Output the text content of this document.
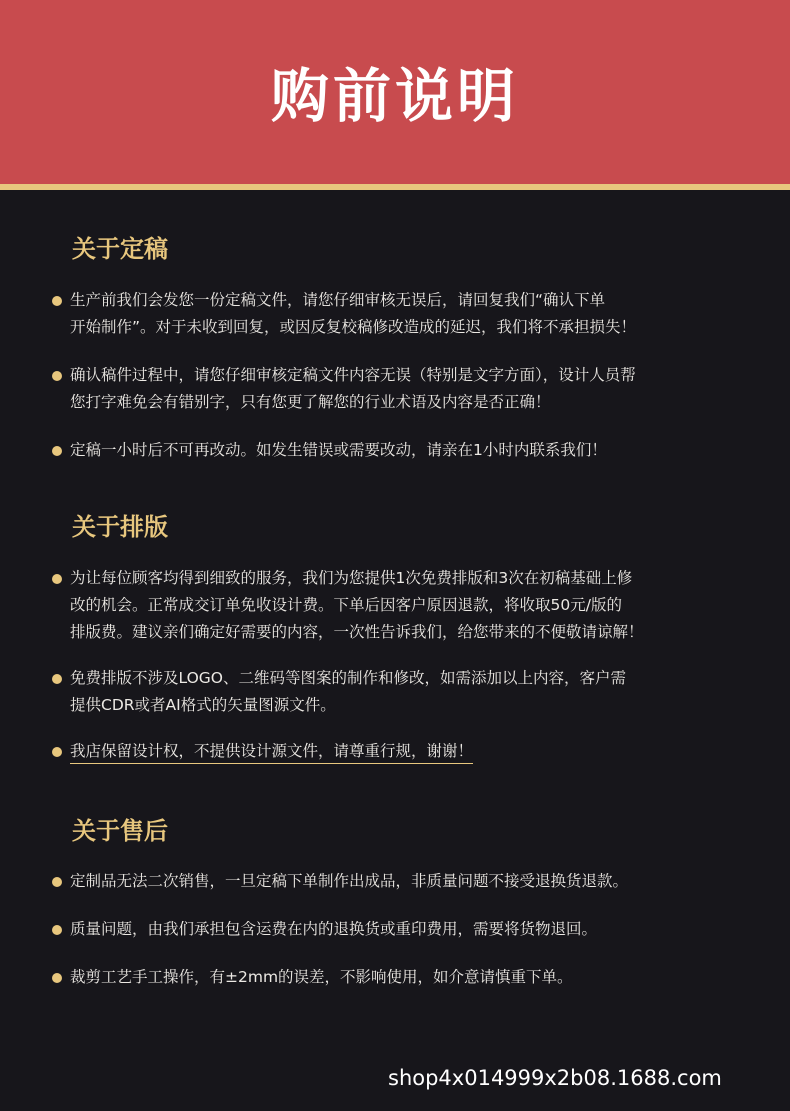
购前说明
关于定稿
生产前我们会发您一份定稿文件，请您仔细审核无误后，请回复我们“确认下单
开始制作”。对于未收到回复，或因反复校稿修改造成的延迟，我们将不承担损失！
确认稿件过程中，请您仔细审核定稿文件内容无误（特别是文字方面），设计人员帮
您打字难免会有错别字，只有您更了解您的行业术语及内容是否正确！
定稿一小时后不可再改动。如发生错误或需要改动，请亲在1小时内联系我们！
关于排版
为让每位顾客均得到细致的服务，我们为您提供1次免费排版和3次在初稿基础上修
改的机会。正常成交订单免收设计费。下单后因客户原因退款，将收取50元/版的
排版费。建议亲们确定好需要的内容，一次性告诉我们，给您带来的不便敬请谅解！
免费排版不涉及LOGO、二维码等图案的制作和修改，如需添加以上内容，客户需
提供CDR或者AI格式的矢量图源文件。
我店保留设计权，不提供设计源文件，请尊重行规，谢谢！
关于售后
定制品无法二次销售，一旦定稿下单制作出成品，非质量问题不接受退换货退款。
质量问题，由我们承担包含运费在内的退换货或重印费用，需要将货物退回。
裁剪工艺手工操作，有±2mm的误差，不影响使用，如介意请慎重下单。
shop4x014999x2b08.1688.com
